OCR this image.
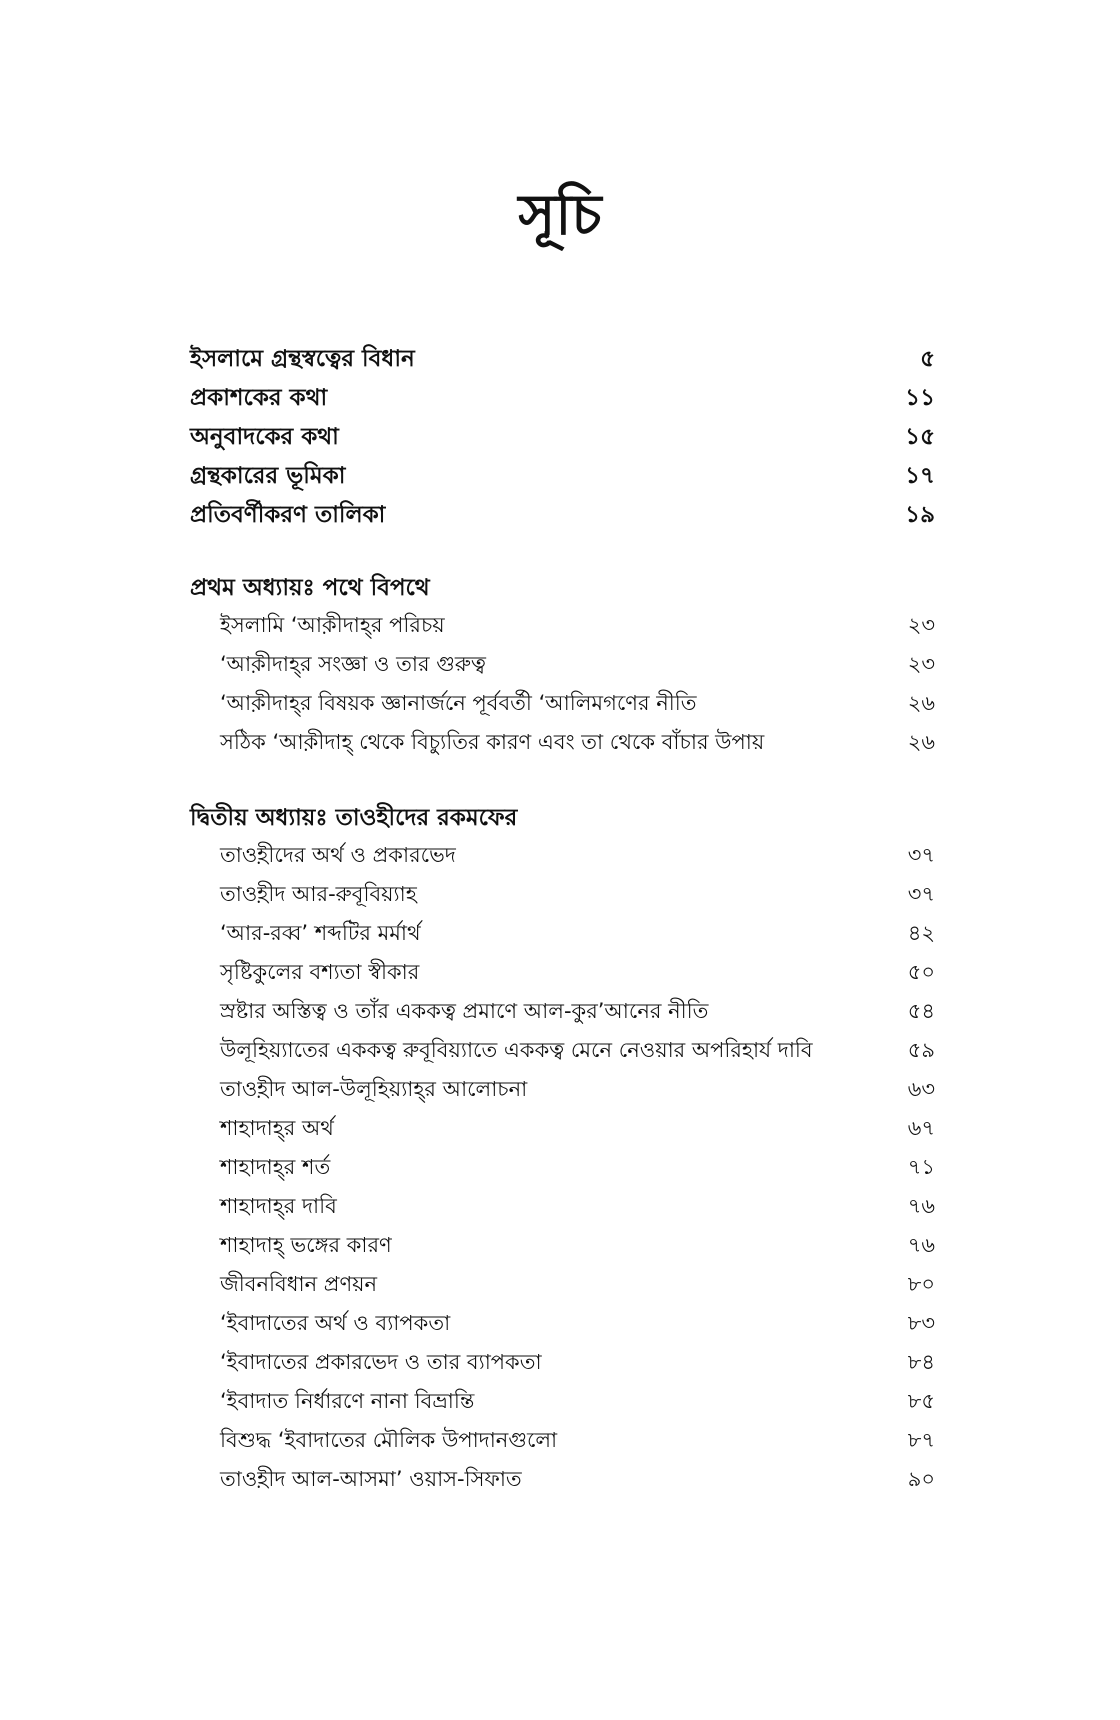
সূচি
ইসলামে গ্রন্থস্বত্বের বিধান	৫
প্রকাশকের কথা	১১
অনুবাদকের কথা	১৫
গ্রন্থকারের ভূমিকা	১৭
প্রতিবর্ণীকরণ তালিকা	১৯
প্রথম অধ্যায়ঃ পথে বিপথে
ইসলামি ‘আক়ীদাহ্‌র পরিচয়	২৩
‘আক়ীদাহ্‌র সংজ্ঞা ও তার গুরুত্ব	২৩
‘আক়ীদাহ্‌র বিষয়ক জ্ঞানার্জনে পূর্ববর্তী ‘আলিমগণের নীতি	২৬
সঠিক ‘আক়ীদাহ্‌ থেকে বিচ্যুতির কারণ এবং তা থেকে বাঁচার উপায়	২৬
দ্বিতীয় অধ্যায়ঃ তাওহীদের রকমফের
তাওহ়ীদের অর্থ ও প্রকারভেদ	৩৭
তাওহ়ীদ আর-রুবূবিয়্যাহ	৩৭
‘আর-রব্ব’ শব্দটির মর্মার্থ	৪২
সৃষ্টিকুলের বশ্যতা স্বীকার	৫০
স্রষ্টার অস্তিত্ব ও তাঁর এককত্ব প্রমাণে আল-কুর’আনের নীতি	৫৪
উলূহিয়্যাতের এককত্ব রুবূবিয়্যাতে এককত্ব মেনে নেওয়ার অপরিহার্য দাবি	৫৯
তাওহ়ীদ আল-উলূহিয়্যাহ্‌র আলোচনা	৬৩
শাহাদাহ্‌র অর্থ	৬৭
শাহাদাহ্‌র শর্ত	৭১
শাহাদাহ্‌র দাবি	৭৬
শাহাদাহ্‌ ভঙ্গের কারণ	৭৬
জীবনবিধান প্রণয়ন	৮০
‘ইবাদাতের অর্থ ও ব্যাপকতা	৮৩
‘ইবাদাতের প্রকারভেদ ও তার ব্যাপকতা	৮৪
‘ইবাদাত নির্ধারণে নানা বিভ্রান্তি	৮৫
বিশুদ্ধ ‘ইবাদাতের মৌলিক উপাদানগুলো	৮৭
তাওহ়ীদ আল-আসমা’ ওয়াস-সিফাত	৯০
